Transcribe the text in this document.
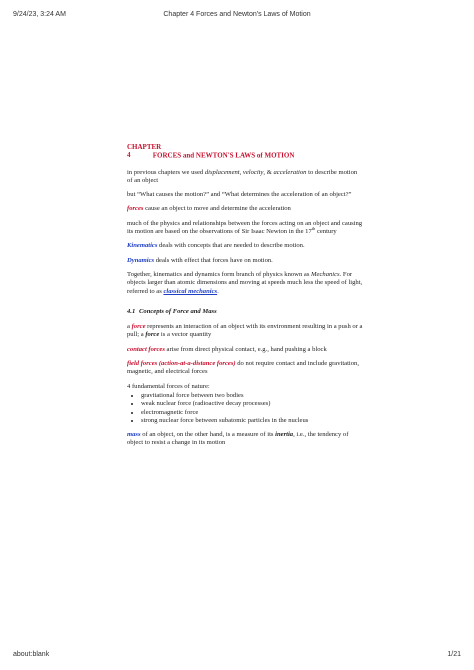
9/24/23, 3:24 AM	Chapter 4 Forces and Newton's Laws of Motion

CHAPTER 4	FORCES and NEWTON'S LAWS of MOTION

in previous chapters we used displacement, velocity, & acceleration to describe motion of an object

but “What causes the motion?” and “What determines the acceleration of an object?”

forces cause an object to move and determine the acceleration

much of the physics and relationships between the forces acting on an object and causing its motion are based on the observations of Sir Isaac Newton in the 17th century

Kinematics deals with concepts that are needed to describe motion.

Dynamics deals with effect that forces have on motion.

Together, kinematics and dynamics form branch of physics known as Mechanics. For objects larger than atomic dimensions and moving at speeds much less the speed of light, referred to as classical mechanics.

4.1 Concepts of Force and Mass

a force represents an interaction of an object with its environment resulting in a push or a pull; a force is a vector quantity

contact forces arise from direct physical contact, e.g., hand pushing a block

field forces (action-at-a-distance forces) do not require contact and include gravitation, magnetic, and electrical forces

4 fundamental forces of nature:

• gravitational force between two bodies
• weak nuclear force (radioactive decay processes)
• electromagnetic force
• strong nuclear force between subatomic particles in the nucleus

mass of an object, on the other hand, is a measure of its inertia, i.e., the tendency of object to resist a change in its motion

about:blank	1/21
